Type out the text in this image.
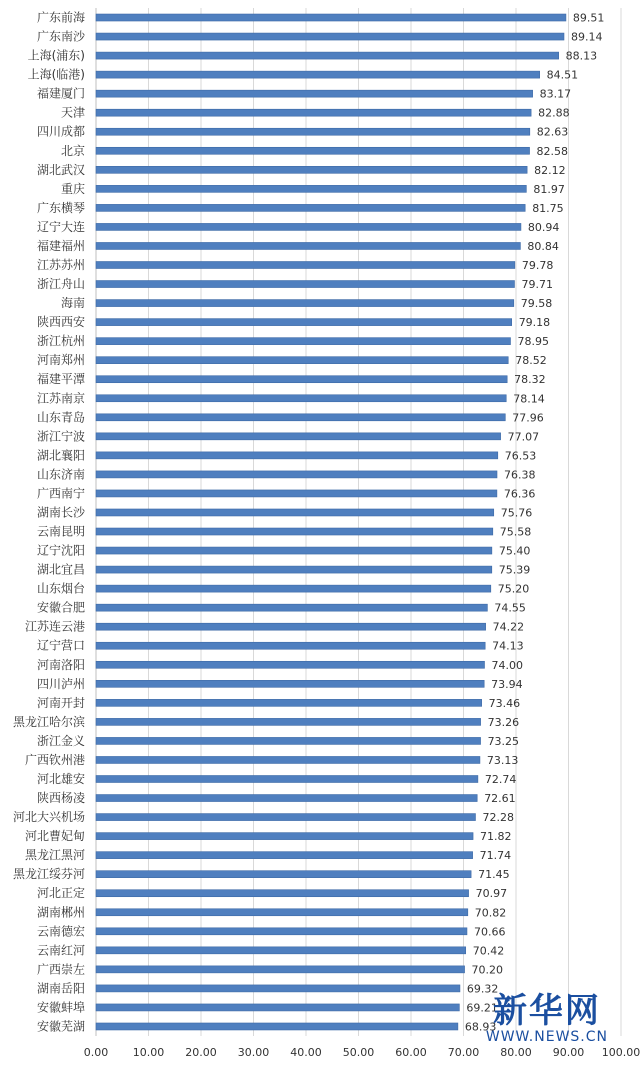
广东前海
广东南沙
上海(浦东)
上海(临港)
福建厦门
天津
四川成都
北京
湖北武汉
重庆
广东横琴
辽宁大连
福建福州
江苏苏州
浙江舟山
海南
陕西西安
浙江杭州
河南郑州
福建平潭
江苏南京
山东青岛
浙江宁波
湖北襄阳
山东济南
广西南宁
湖南长沙
云南昆明
辽宁沈阳
湖北宜昌
山东烟台
安徽合肥
江苏连云港
辽宁营口
河南洛阳
四川泸州
河南开封
黑龙江哈尔滨
浙江金义
广西钦州港
河北雄安
陕西杨凌
河北大兴机场
河北曹妃甸
黑龙江黑河
黑龙江绥芬河
河北正定
湖南郴州
云南德宏
云南红河
广西崇左
湖南岳阳
安徽蚌埠
安徽芜湖
89.51
89.14
88.13
84.51
83.17
82.88
82.63
82.58
82.12
81.97
81.75
80.94
80.84
79.78
79.71
79.58
79.18
78.95
78.52
78.32
78.14
77.96
77.07
76.53
76.38
76.36
75.76
75.58
75.40
75.39
75.20
74.55
74.22
74.13
74.00
73.94
73.46
73.26
73.25
73.13
72.74
72.61
72.28
71.82
71.74
71.45
70.97
70.82
70.66
70.42
70.20
69.32
69.21
68.93
0.00 10.00 20.00 30.00 40.00 50.00 60.00 70.00 80.00 90.00 100.00
新华网
WWW.NEWS.CN
